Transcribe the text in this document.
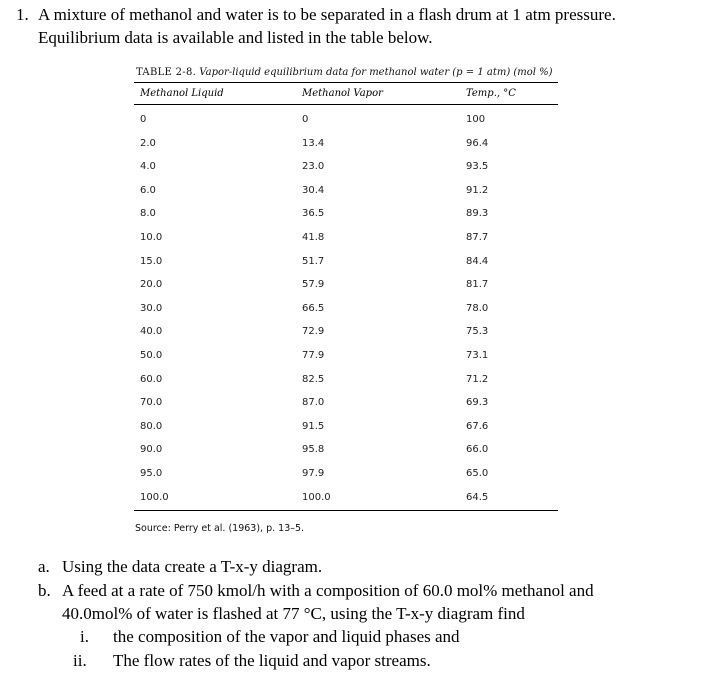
1. A mixture of methanol and water is to be separated in a flash drum at 1 atm pressure.
Equilibrium data is available and listed in the table below.
TABLE 2-8. Vapor-liquid equilibrium data for methanol water (p = 1 atm) (mol %)
Methanol Liquid	Methanol Vapor	Temp., °C
0	0	100
2.0	13.4	96.4
4.0	23.0	93.5
6.0	30.4	91.2
8.0	36.5	89.3
10.0	41.8	87.7
15.0	51.7	84.4
20.0	57.9	81.7
30.0	66.5	78.0
40.0	72.9	75.3
50.0	77.9	73.1
60.0	82.5	71.2
70.0	87.0	69.3
80.0	91.5	67.6
90.0	95.8	66.0
95.0	97.9	65.0
100.0	100.0	64.5
Source: Perry et al. (1963), p. 13–5.
a. Using the data create a T-x-y diagram.
b. A feed at a rate of 750 kmol/h with a composition of 60.0 mol% methanol and
40.0mol% of water is flashed at 77 °C, using the T-x-y diagram find
i. the composition of the vapor and liquid phases and
ii. The flow rates of the liquid and vapor streams.
